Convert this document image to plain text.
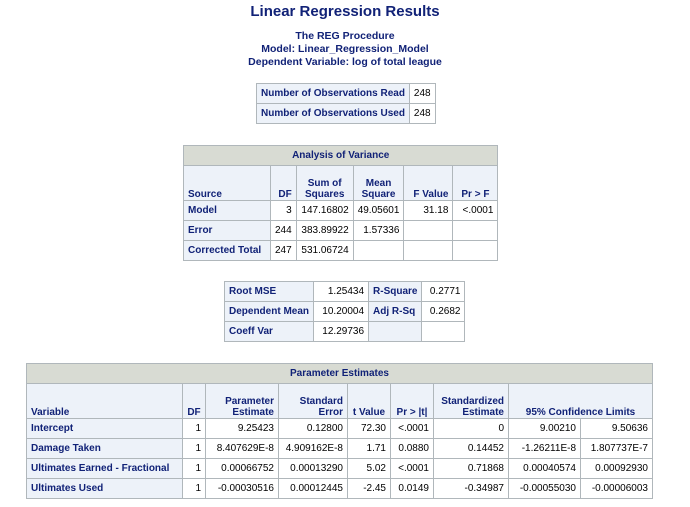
Linear Regression Results
The REG Procedure
Model: Linear_Regression_Model
Dependent Variable: log of total league
Number of Observations Read	248
Number of Observations Used	248
Analysis of Variance					
Source	DF	Sum of Squares	Mean Square	F Value	Pr > F
Model	3	147.16802	49.05601	31.18	<.0001
Error	244	383.89922	1.57336		
Corrected Total	247	531.06724			
Root MSE	1.25434	R-Square	0.2771
Dependent Mean	10.20004	Adj R-Sq	0.2682
Coeff Var	12.29736		
Parameter Estimates								
Variable	DF	Parameter Estimate	Standard Error	t Value	Pr > |t|	Standardized Estimate	95% Confidence Limits	
Intercept	1	9.25423	0.12800	72.30	<.0001	0	9.00210	9.50636
Damage Taken	1	8.407629E-8	4.909162E-8	1.71	0.0880	0.14452	-1.26211E-8	1.807737E-7
Ultimates Earned - Fractional	1	0.00066752	0.00013290	5.02	<.0001	0.71868	0.00040574	0.00092930
Ultimates Used	1	-0.00030516	0.00012445	-2.45	0.0149	-0.34987	-0.00055030	-0.00006003
